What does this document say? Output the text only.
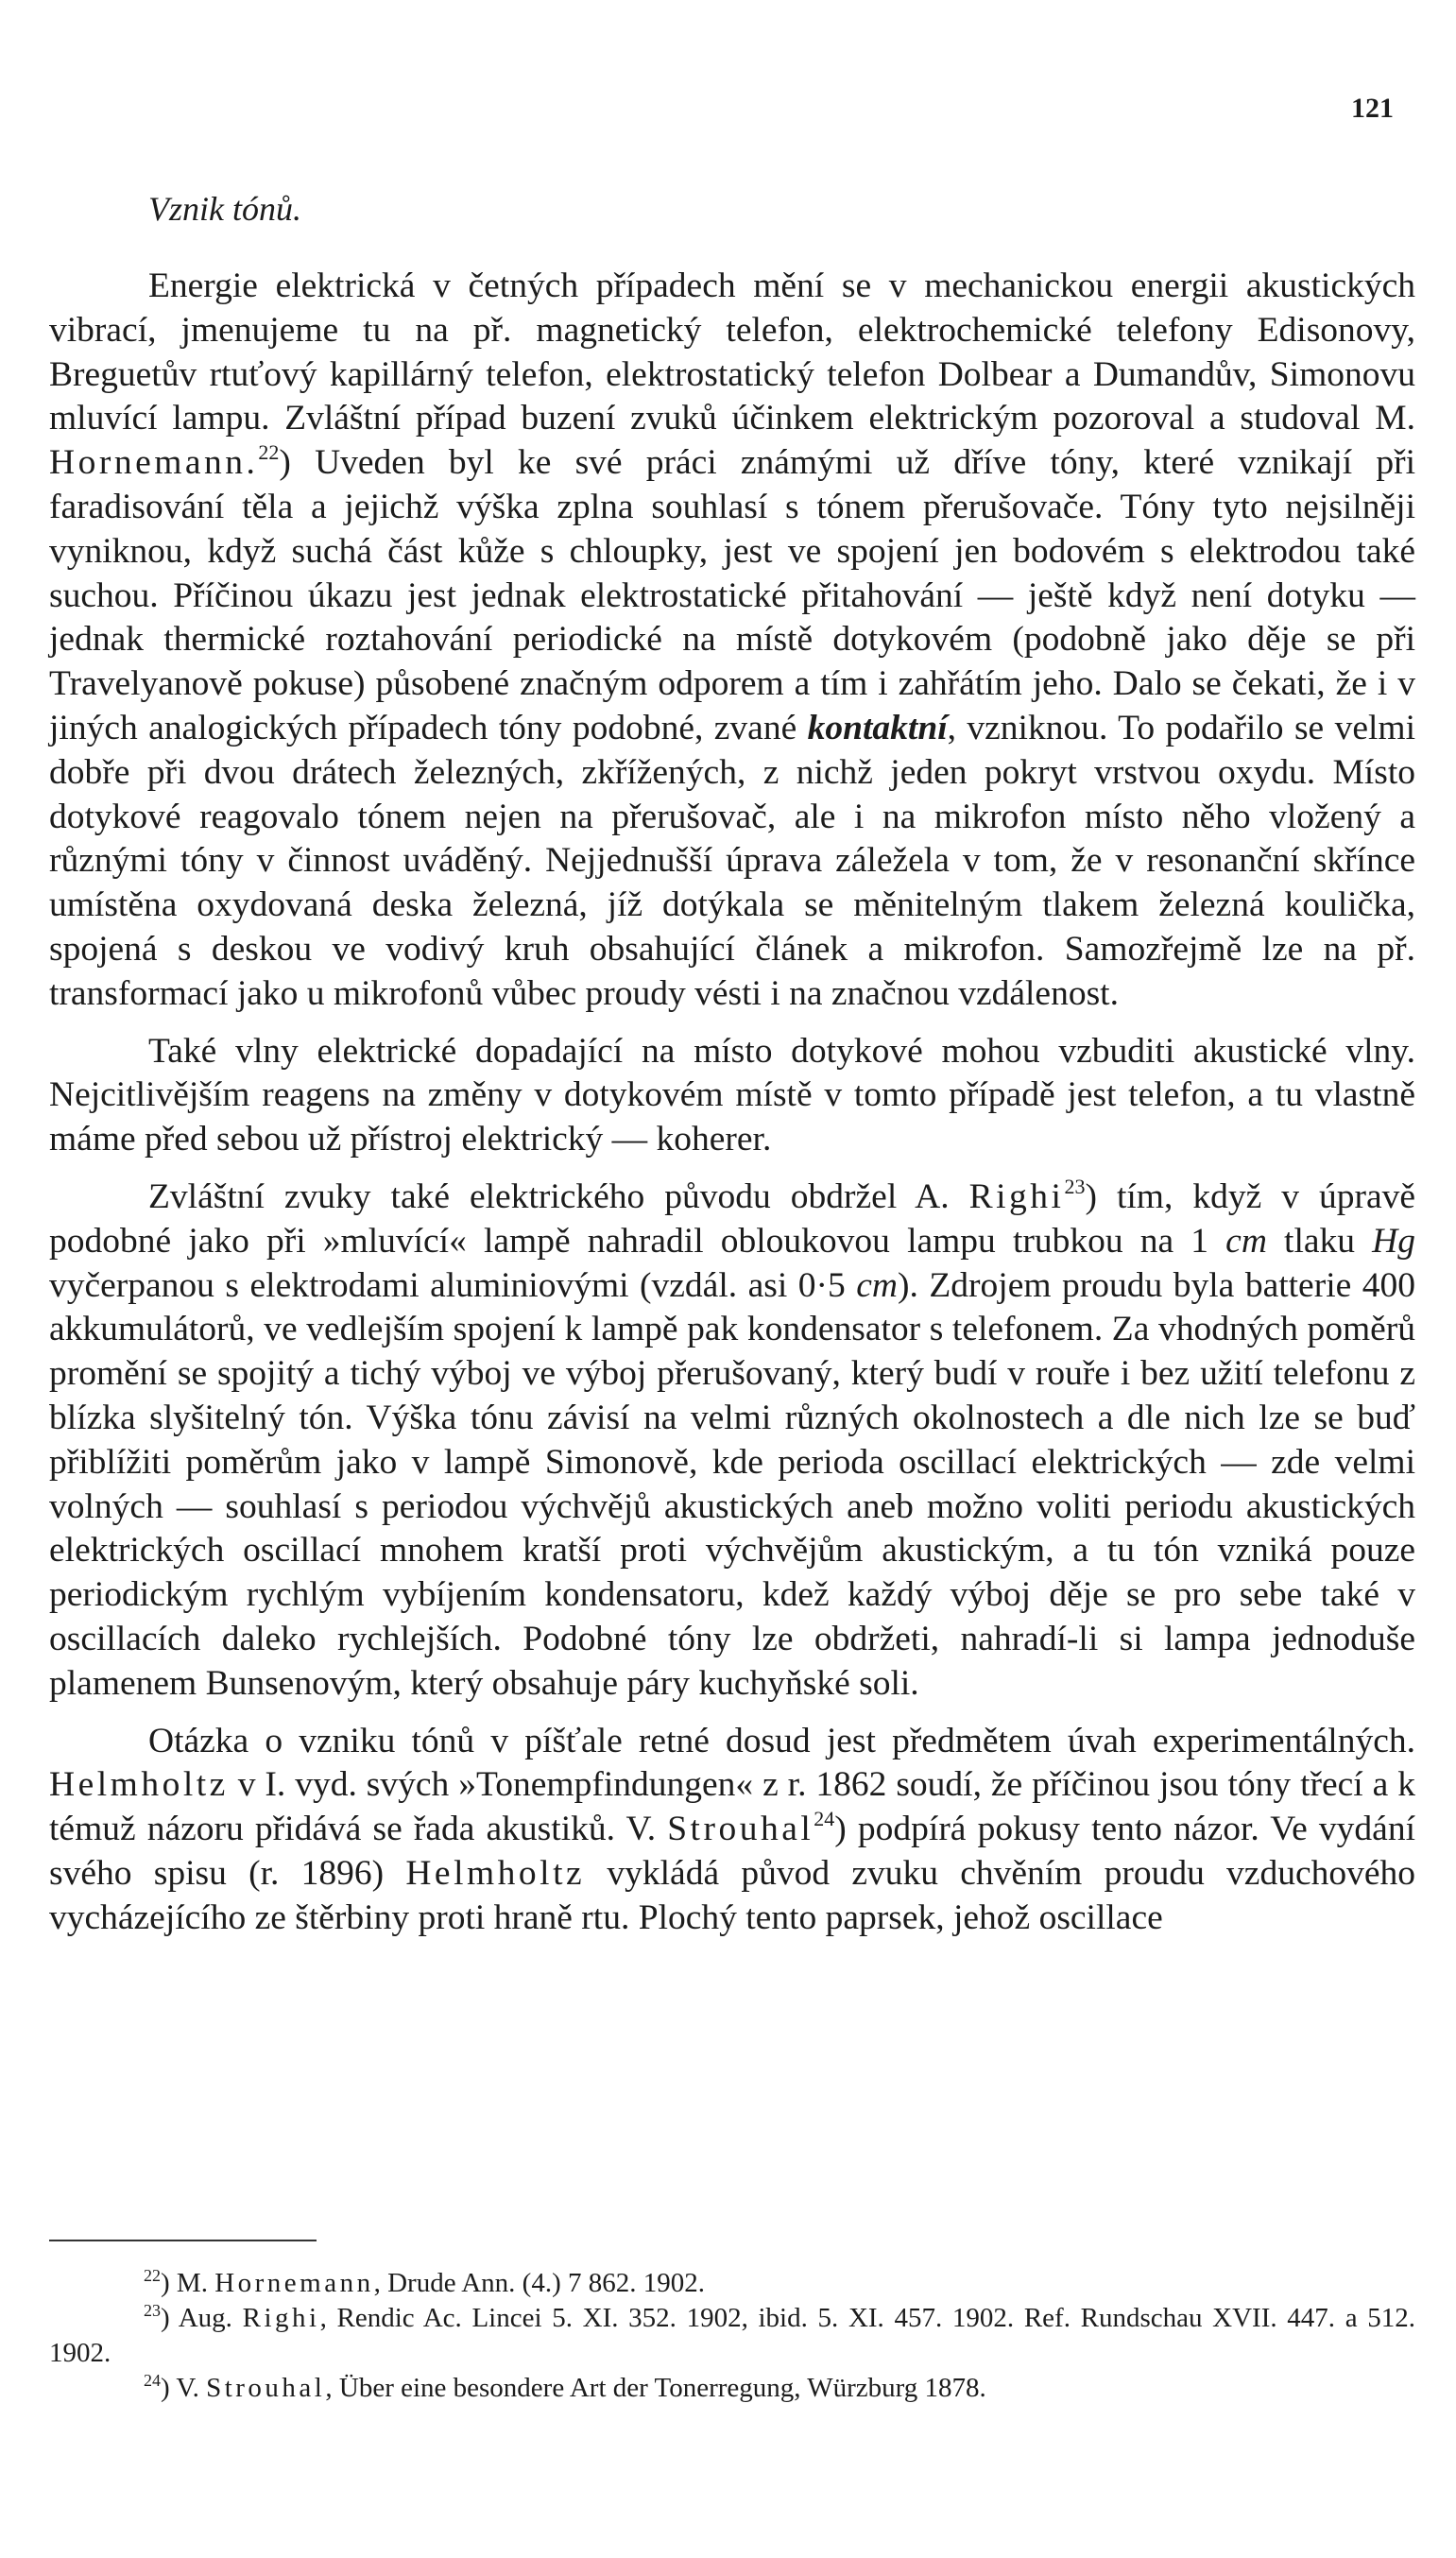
121
Vznik tónů.

Energie elektrická v četných případech mění se v mechanickou energii akustických vibrací, jmenujeme tu na př. magnetický telefon, elektrochemické telefony Edisonovy, Breguetův rtuťový kapillárný telefon, elektrostatický telefon Dolbear a Dumandův, Simonovu mluvící lampu. Zvláštní případ buzení zvuků účinkem elektrickým pozoroval a studoval M. Hornemann.$^{22}$) Uveden byl ke své práci známými už dříve tóny, které vznikají při faradisování těla a jejichž výška zplna souhlasí s tónem přerušovače. Tóny tyto nejsilněji vyniknou, když suchá část kůže s chloupky, jest ve spojení jen bodovém s elektrodou také suchou. Příčinou úkazu jest jednak elektrostatické přitahování — ještě když není dotyku — jednak thermické roztahování periodické na místě dotykovém (podobně jako děje se při Travelyanově pokuse) působené značným odporem a tím i zahřátím jeho. Dalo se čekati, že i v jiných analogických případech tóny podobné, zvané kontaktní, vzniknou. To podařilo se velmi dobře při dvou drátech železných, zkřížených, z nichž jeden pokryt vrstvou oxydu. Místo dotykové reagovalo tónem nejen na přerušovač, ale i na mikrofon místo něho vložený a různými tóny v činnost uváděný. Nejjednušší úprava záležela v tom, že v resonanční skřínce umístěna oxydovaná deska železná, jíž dotýkala se měnitelným tlakem železná koulička, spojená s deskou ve vodivý kruh obsahující článek a mikrofon. Samozřejmě lze na př. transformací jako u mikrofonů vůbec proudy vésti i na značnou vzdálenost.

Také vlny elektrické dopadající na místo dotykové mohou vzbuditi akustické vlny. Nejcitlivějším reagens na změny v dotykovém místě v tomto případě jest telefon, a tu vlastně máme před sebou už přístroj elektrický — koherer.

Zvláštní zvuky také elektrického původu obdržel A. Righi$^{23}$) tím, když v úpravě podobné jako při »mluvící« lampě nahradil obloukovou lampu trubkou na 1 cm tlaku Hg vyčerpanou s elektrodami aluminiovými (vzdál. asi 0·5 cm). Zdrojem proudu byla batterie 400 akkumulátorů, ve vedlejším spojení k lampě pak kondensator s telefonem. Za vhodných poměrů promění se spojitý a tichý výboj ve výboj přerušovaný, který budí v rouře i bez užití telefonu z blízka slyšitelný tón. Výška tónu závisí na velmi různých okolnostech a dle nich lze se buď přiblížiti poměrům jako v lampě Simonově, kde perioda oscillací elektrických — zde velmi volných — souhlasí s periodou výchvějů akustických aneb možno voliti periodu akustických elektrických oscillací mnohem kratší proti výchvějům akustickým, a tu tón vzniká pouze periodickým rychlým vybíjením kondensatoru, kdež každý výboj děje se pro sebe také v oscillacích daleko rychlejších. Podobné tóny lze obdržeti, nahradí-li si lampa jednoduše plamenem Bunsenovým, který obsahuje páry kuchyňské soli.

Otázka o vzniku tónů v píšťale retné dosud jest předmětem úvah experimentálných. Helmholtz v I. vyd. svých »Tonempfindungen« z r. 1862 soudí, že příčinou jsou tóny třecí a k témuž názoru přidává se řada akustiků. V. Strouhal$^{24}$) podpírá pokusy tento názor. Ve vydání svého spisu (r. 1896) Helmholtz vykládá původ zvuku chvěním proudu vzduchového vycházejícího ze štěrbiny proti hraně rtu. Plochý tento paprsek, jehož oscillace

$^{22}$) M. Hornemann, Drude Ann. (4.) 7 862. 1902.
$^{23}$) Aug. Righi, Rendic Ac. Lincei 5. XI. 352. 1902, ibid. 5. XI. 457. 1902. Ref. Rundschau XVII. 447. a 512. 1902.
$^{24}$) V. Strouhal, Über eine besondere Art der Tonerregung, Würzburg 1878.
